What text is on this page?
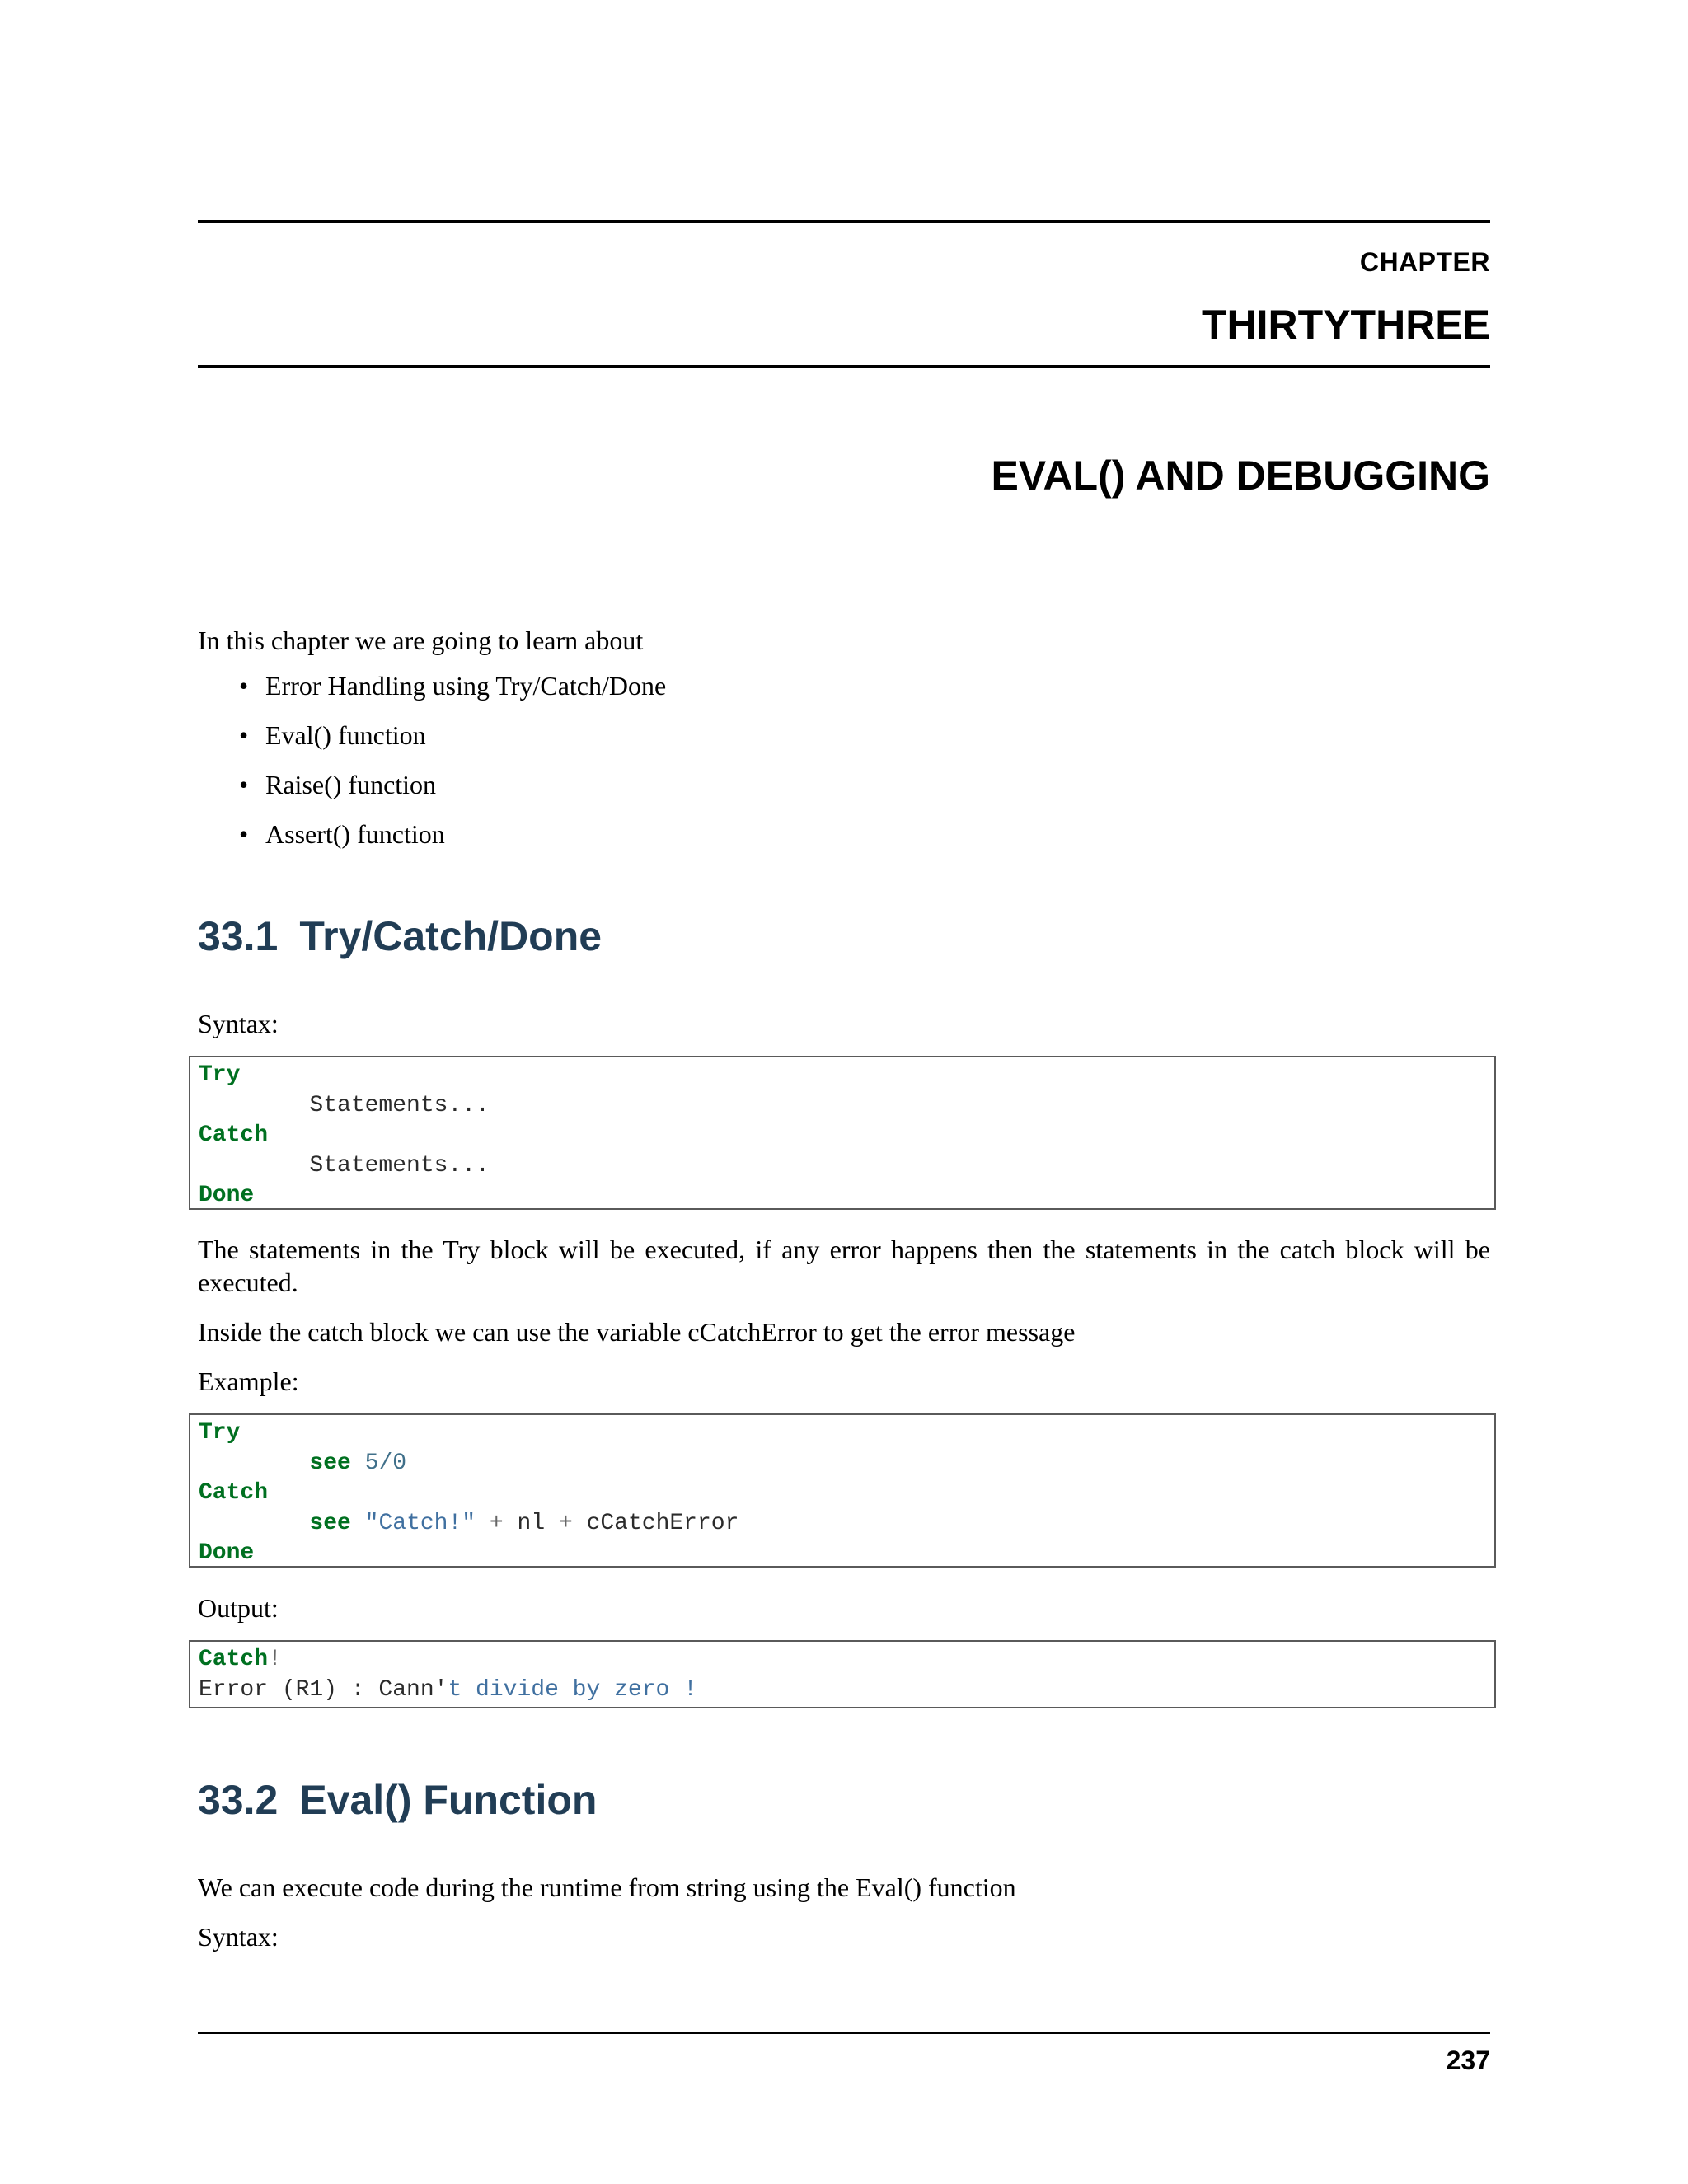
CHAPTER
THIRTYTHREE
EVAL() AND DEBUGGING
In this chapter we are going to learn about
• Error Handling using Try/Catch/Done
• Eval() function
• Raise() function
• Assert() function
33.1 Try/Catch/Done
Syntax:
Try
Statements...
Catch
Statements...
Done
The statements in the Try block will be executed, if any error happens then the statements in the catch block will be executed.
Inside the catch block we can use the variable cCatchError to get the error message
Example:
Try
see 5/0
Catch
see "Catch!" + nl + cCatchError
Done
Output:
Catch!
Error (R1) : Cann't divide by zero !
33.2 Eval() Function
We can execute code during the runtime from string using the Eval() function
Syntax:
237
